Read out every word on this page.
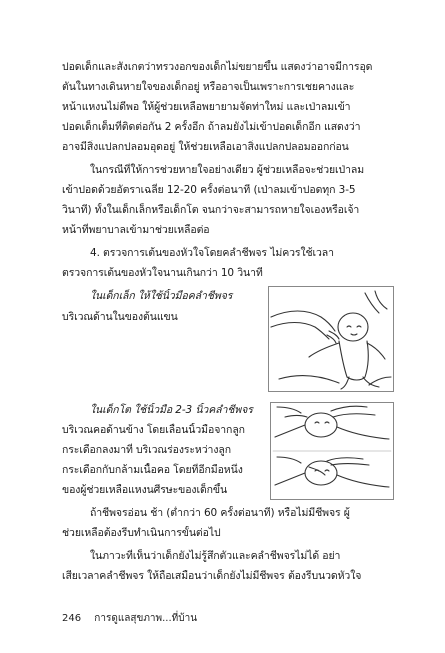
ปอดเด็กและสังเกตว่าทรวงอกของเด็กไม่ขยายขึ้น แสดงว่าอาจมีการอุด
ตันในทางเดินหายใจของเด็กอยู่ หรืออาจเป็นเพราะการเชยคางและ
หน้าแหงนไม่ดีพอ ให้ผู้ช่วยเหลือพยายามจัดท่าใหม่ และเป่าลมเข้า
ปอดเด็กเต็มที่ติดต่อกัน 2 ครั้งอีก ถ้าลมยังไม่เข้าปอดเด็กอีก แสดงว่า
อาจมีสิ่งแปลกปลอมอุดอยู่ ให้ช่วยเหลือเอาสิ่งแปลกปลอมออกก่อน
ในกรณีที่ให้การช่วยหายใจอย่างเดียว ผู้ช่วยเหลือจะช่วยเป่าลม
เข้าปอดด้วยอัตราเฉลี่ย 12-20 ครั้งต่อนาที (เป่าลมเข้าปอดทุก 3-5
วินาที) ทั้งในเด็กเล็กหรือเด็กโต จนกว่าจะสามารถหายใจเองหรือเจ้า
หน้าที่พยาบาลเข้ามาช่วยเหลือต่อ
4. ตรวจการเต้นของหัวใจโดยคลำชีพจร ไม่ควรใช้เวลา
ตรวจการเต้นของหัวใจนานเกินกว่า 10 วินาที
ในเด็กเล็ก ให้ใช้นิ้วมือคลำชีพจร
บริเวณด้านในของต้นแขน
ในเด็กโต ใช้นิ้วมือ 2-3 นิ้วคลำชีพจร
บริเวณคอด้านข้าง โดยเลื่อนนิ้วมือจากลูก
กระเดือกลงมาที่ บริเวณร่องระหว่างลูก
กระเดือกกับกล้ามเนื้อคอ โดยที่อีกมือหนึ่ง
ของผู้ช่วยเหลือแหงนศีรษะของเด็กขึ้น
ถ้าชีพจรอ่อน ช้า (ต่ำกว่า 60 ครั้งต่อนาที) หรือไม่มีชีพจร ผู้
ช่วยเหลือต้องรีบทำเนินการขั้นต่อไป
ในภาวะที่เห็นว่าเด็กยังไม่รู้สึกตัวและคลำชีพจรไม่ได้ อย่า
เสียเวลาคลำชีพจร ให้ถือเสมือนว่าเด็กยังไม่มีชีพจร ต้องรีบนวดหัวใจ
246 การดูแลสุขภาพ...ที่บ้าน
